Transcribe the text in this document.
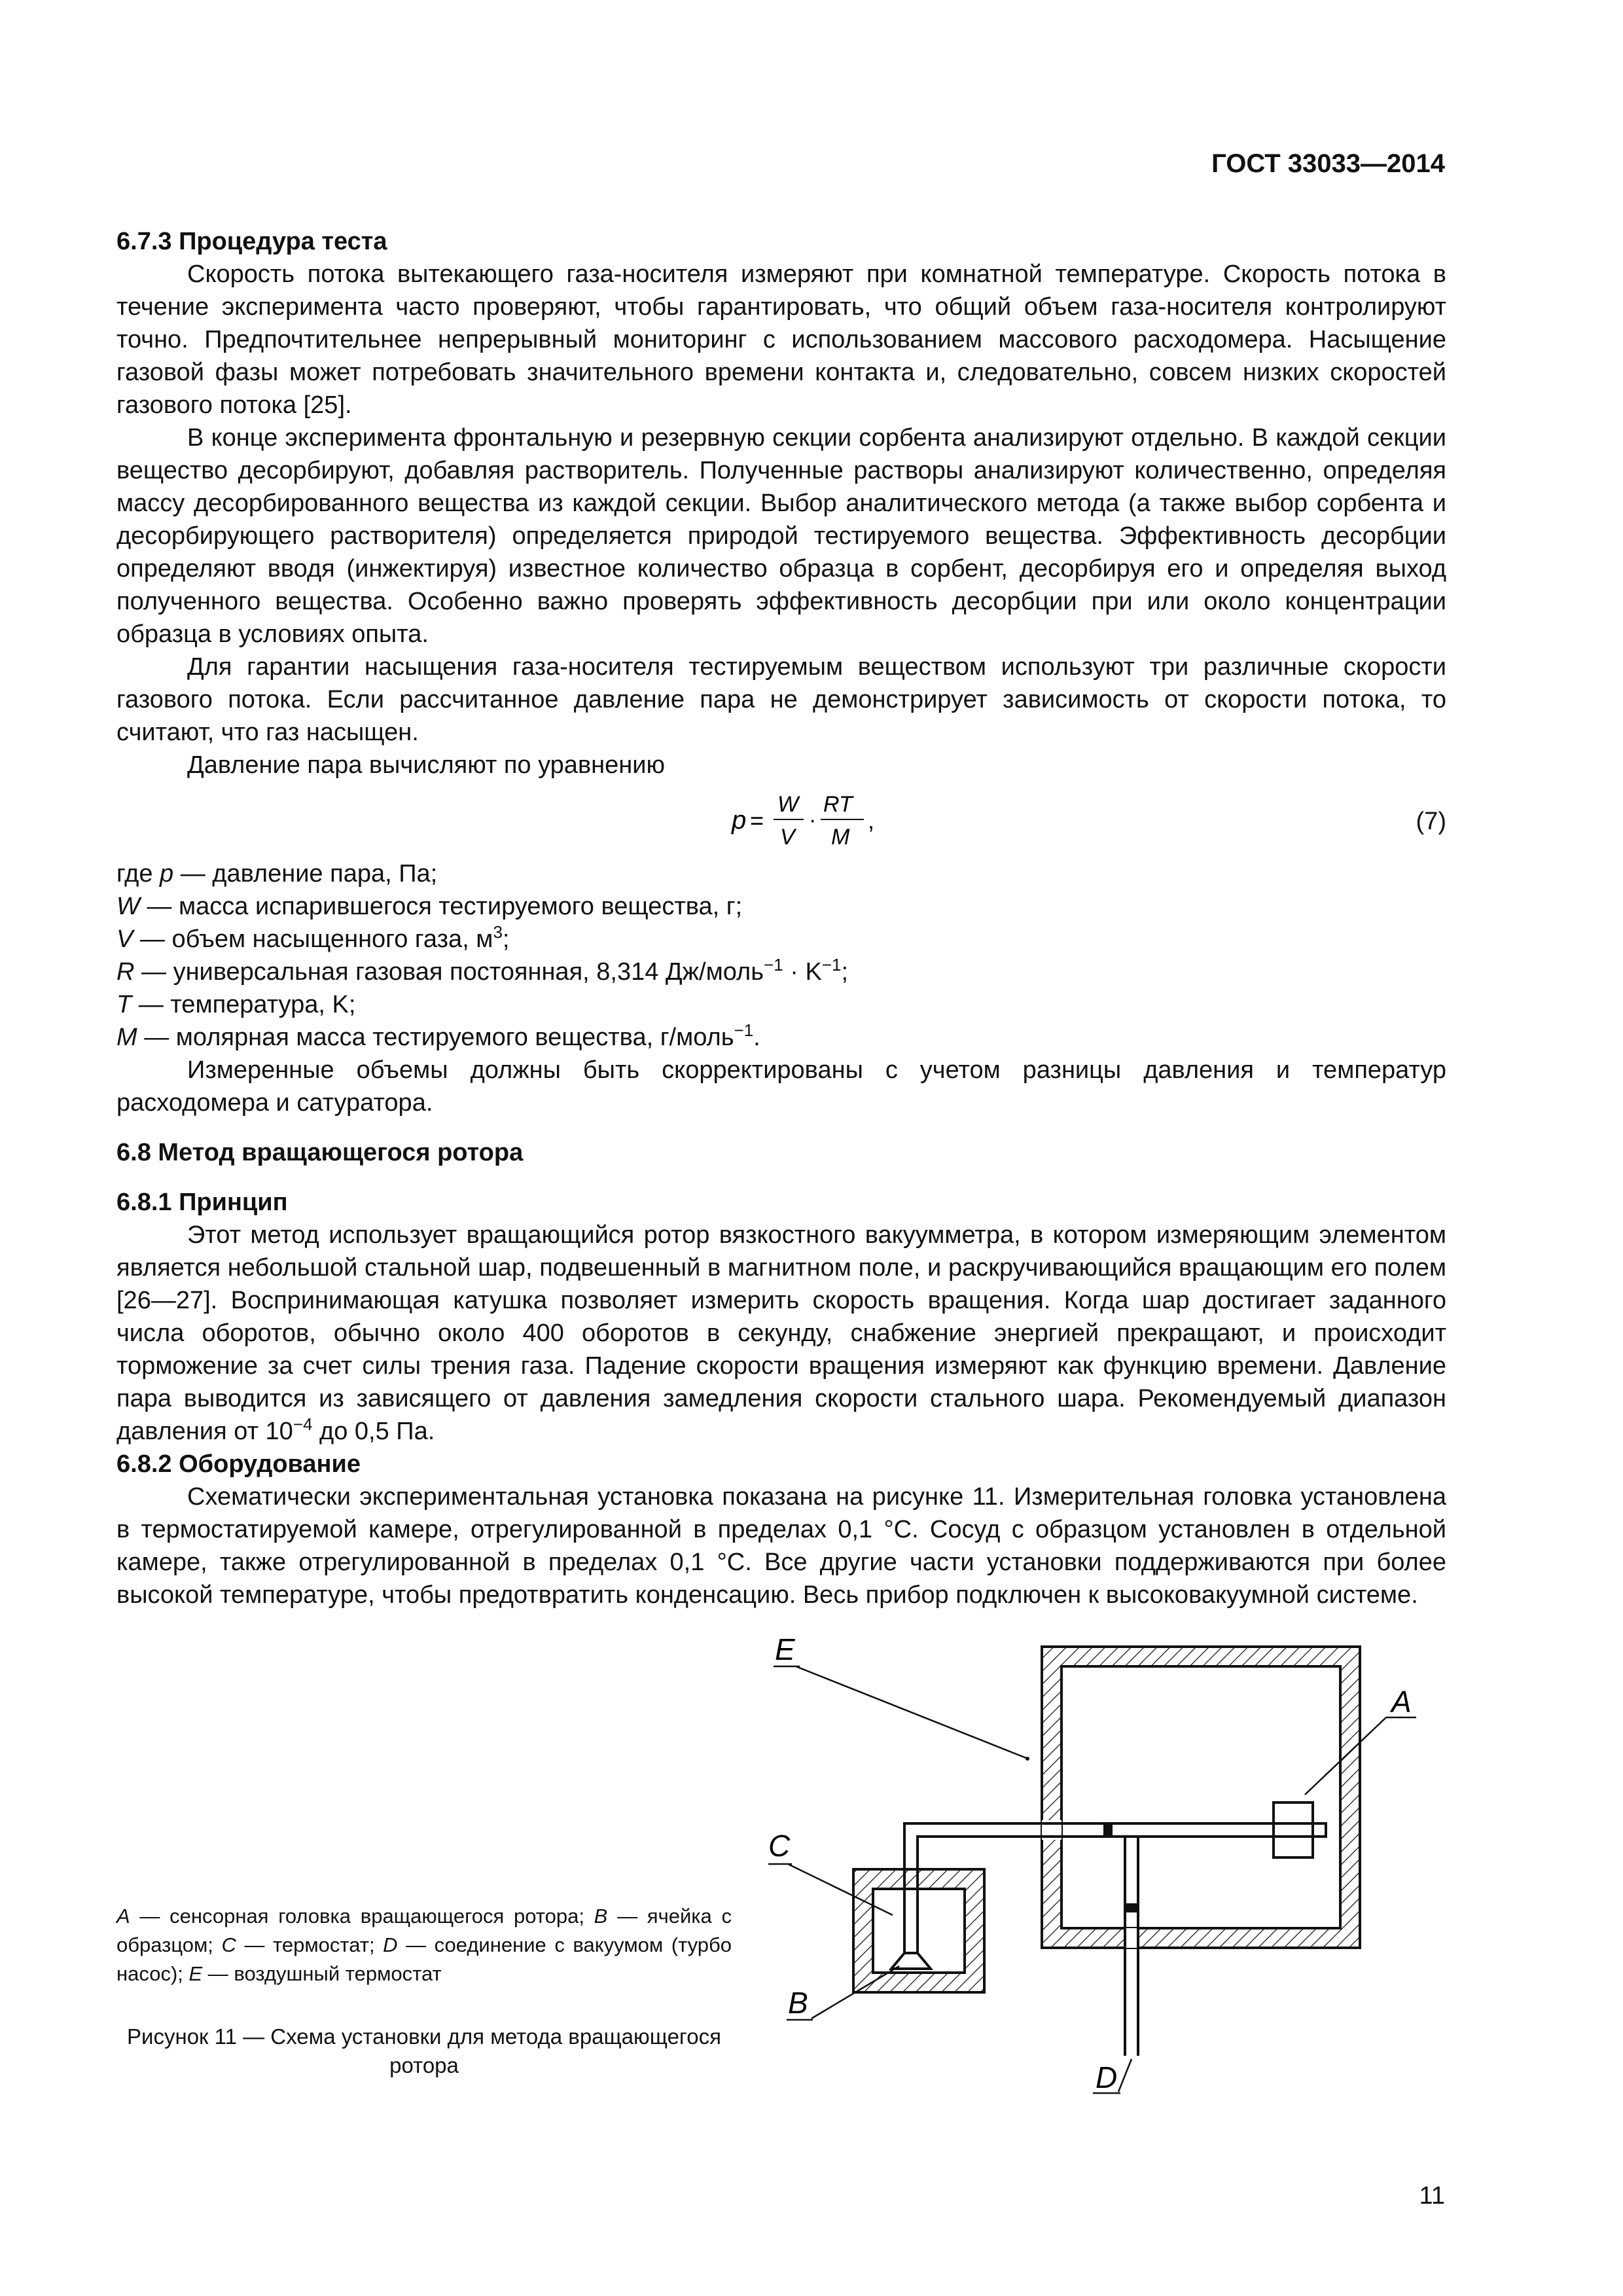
ГОСТ 33033—2014

6.7.3 Процедура теста

Скорость потока вытекающего газа-носителя измеряют при комнатной температуре. Скорость потока в течение эксперимента часто проверяют, чтобы гарантировать, что общий объем газа-носителя контролируют точно. Предпочтительнее непрерывный мониторинг с использованием массового расходомера. Насыщение газовой фазы может потребовать значительного времени контакта и, следовательно, совсем низких скоростей газового потока [25].

В конце эксперимента фронтальную и резервную секции сорбента анализируют отдельно. В каждой секции вещество десорбируют, добавляя растворитель. Полученные растворы анализируют количественно, определяя массу десорбированного вещества из каждой секции. Выбор аналитического метода (а также выбор сорбента и десорбирующего растворителя) определяется природой тестируемого вещества. Эффективность десорбции определяют вводя (инжектируя) известное количество образца в сорбент, десорбируя его и определяя выход полученного вещества. Особенно важно проверять эффективность десорбции при или около концентрации образца в условиях опыта.

Для гарантии насыщения газа-носителя тестируемым веществом используют три различные скорости газового потока. Если рассчитанное давление пара не демонстрирует зависимость от скорости потока, то считают, что газ насыщен.

Давление пара вычисляют по уравнению

p =
W
V
·
RT
M
,	(7)

где p — давление пара, Па;

W — масса испарившегося тестируемого вещества, г;

V — объем насыщенного газа, $м^3$;

R — универсальная газовая постоянная, 8,314 Дж/моль$^{-1}$ · $K^{-1}$;

T — температура, K;

M — молярная масса тестируемого вещества, г/моль$^{-1}$.

Измеренные объемы должны быть скорректированы с учетом разницы давления и температур расходомера и сатуратора.

6.8 Метод вращающегося ротора

6.8.1 Принцип

Этот метод использует вращающийся ротор вязкостного вакуумметра, в котором измеряющим элементом является небольшой стальной шар, подвешенный в магнитном поле, и раскручивающийся вращающим его полем [26—27]. Воспринимающая катушка позволяет измерить скорость вращения. Когда шар достигает заданного числа оборотов, обычно около 400 оборотов в секунду, снабжение энергией прекращают, и происходит торможение за счет силы трения газа. Падение скорости вращения измеряют как функцию времени. Давление пара выводится из зависящего от давления замедления скорости стального шара. Рекомендуемый диапазон давления от $10^{-4}$ до 0,5 Па.

6.8.2 Оборудование

Схематически экспериментальная установка показана на рисунке 11. Измерительная головка установлена в термостатируемой камере, отрегулированной в пределах 0,1 °С. Сосуд с образцом установлен в отдельной камере, также отрегулированной в пределах 0,1 °С. Все другие части установки поддерживаются при более высокой температуре, чтобы предотвратить конденсацию. Весь прибор подключен к высоковакуумной системе.

A — сенсорная головка вращающегося ротора; B — ячейка с образцом; C — термостат; D — соединение с вакуумом (турбо насос); E — воздушный термостат
Рисунок 11 — Схема установки для метода вращающегося ротора
E
A
C
B
D
11
